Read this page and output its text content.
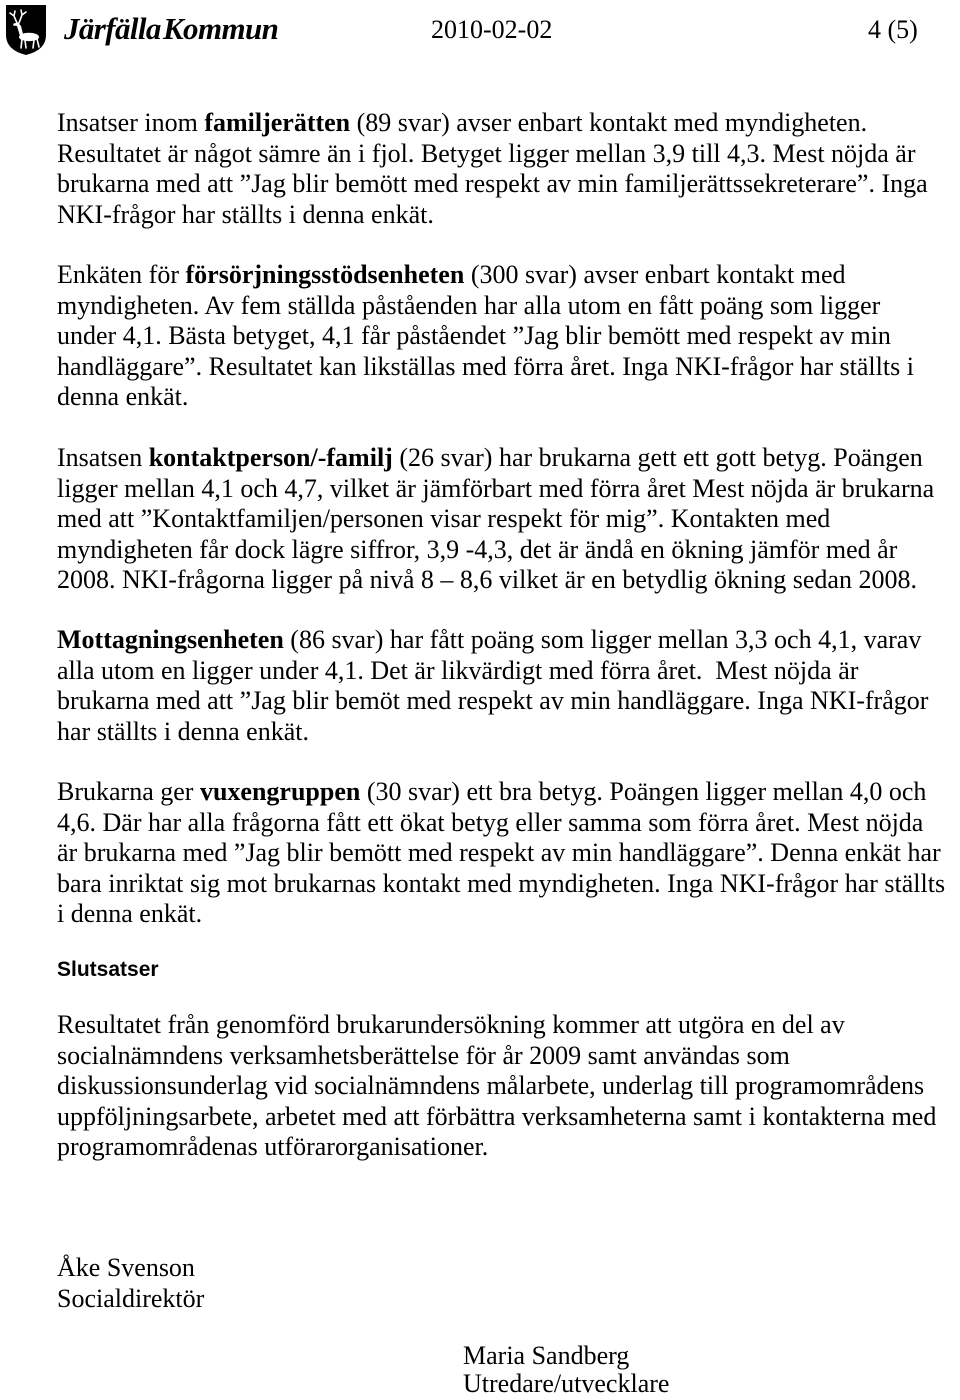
Järfälla Kommun	2010-02-02	4 (5)
Insatser inom familjerätten (89 svar) avser enbart kontakt med myndigheten.
Resultatet är något sämre än i fjol. Betyget ligger mellan 3,9 till 4,3. Mest nöjda är
brukarna med att ”Jag blir bemött med respekt av min familjerättssekreterare”. Inga
NKI-frågor har ställts i denna enkät.
Enkäten för försörjningsstödsenheten (300 svar) avser enbart kontakt med
myndigheten. Av fem ställda påståenden har alla utom en fått poäng som ligger
under 4,1. Bästa betyget, 4,1 får påståendet ”Jag blir bemött med respekt av min
handläggare”. Resultatet kan likställas med förra året. Inga NKI-frågor har ställts i
denna enkät.
Insatsen kontaktperson/-familj (26 svar) har brukarna gett ett gott betyg. Poängen
ligger mellan 4,1 och 4,7, vilket är jämförbart med förra året Mest nöjda är brukarna
med att ”Kontaktfamiljen/personen visar respekt för mig”. Kontakten med
myndigheten får dock lägre siffror, 3,9 -4,3, det är ändå en ökning jämför med år
2008. NKI-frågorna ligger på nivå 8 – 8,6 vilket är en betydlig ökning sedan 2008.
Mottagningsenheten (86 svar) har fått poäng som ligger mellan 3,3 och 4,1, varav
alla utom en ligger under 4,1. Det är likvärdigt med förra året.  Mest nöjda är
brukarna med att ”Jag blir bemöt med respekt av min handläggare. Inga NKI-frågor
har ställts i denna enkät.
Brukarna ger vuxengruppen (30 svar) ett bra betyg. Poängen ligger mellan 4,0 och
4,6. Där har alla frågorna fått ett ökat betyg eller samma som förra året. Mest nöjda
är brukarna med ”Jag blir bemött med respekt av min handläggare”. Denna enkät har
bara inriktat sig mot brukarnas kontakt med myndigheten. Inga NKI-frågor har ställts
i denna enkät.
Slutsatser
Resultatet från genomförd brukarundersökning kommer att utgöra en del av
socialnämndens verksamhetsberättelse för år 2009 samt användas som
diskussionsunderlag vid socialnämndens målarbete, underlag till programområdens
uppföljningsarbete, arbetet med att förbättra verksamheterna samt i kontakterna med
programområdenas utförarorganisationer.
Åke Svenson
Socialdirektör
Maria Sandberg
Utredare/utvecklare
